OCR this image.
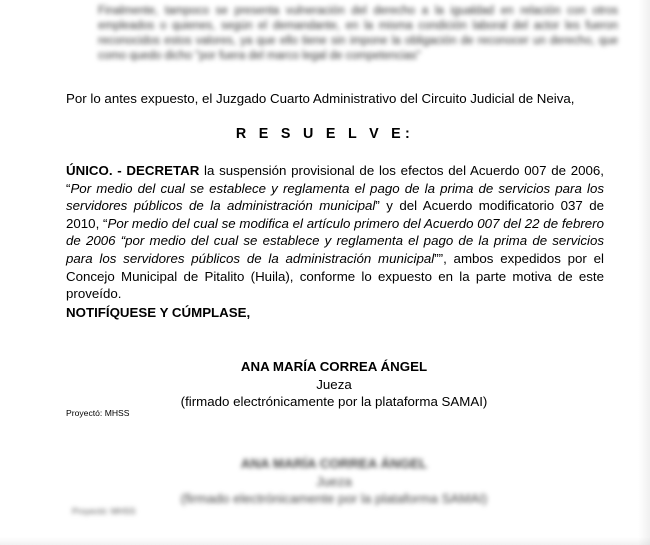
Finalmente, tampoco se presenta vulneración del derecho a la igualdad en relación con otros empleados o quienes, según el demandante, en la misma condición laboral del actor les fueron reconocidos estos valores, ya que ello tiene sin impone la obligación de reconocer un derecho, que como quedo dicho "por fuera del marco legal de competencias"
Por lo antes expuesto, el Juzgado Cuarto Administrativo del Circuito Judicial de Neiva,
R E S U E L V E:
ÚNICO. - DECRETAR la suspensión provisional de los efectos del Acuerdo 007 de 2006, “Por medio del cual se establece y reglamenta el pago de la prima de servicios para los servidores públicos de la administración municipal” y del Acuerdo modificatorio 037 de 2010, “Por medio del cual se modifica el artículo primero del Acuerdo 007 del 22 de febrero de 2006 “por medio del cual se establece y reglamenta el pago de la prima de servicios para los servidores públicos de la administración municipal””, ambos expedidos por el Concejo Municipal de Pitalito (Huila), conforme lo expuesto en la parte motiva de este proveído.
NOTIFÍQUESE Y CÚMPLASE,
ANA MARÍA CORREA ÁNGEL
Jueza
(firmado electrónicamente por la plataforma SAMAI)
Proyectó: MHSS
ANA MARÍA CORREA ÁNGEL
Jueza
(firmado electrónicamente por la plataforma SAMAI)
Proyectó: MHSS
